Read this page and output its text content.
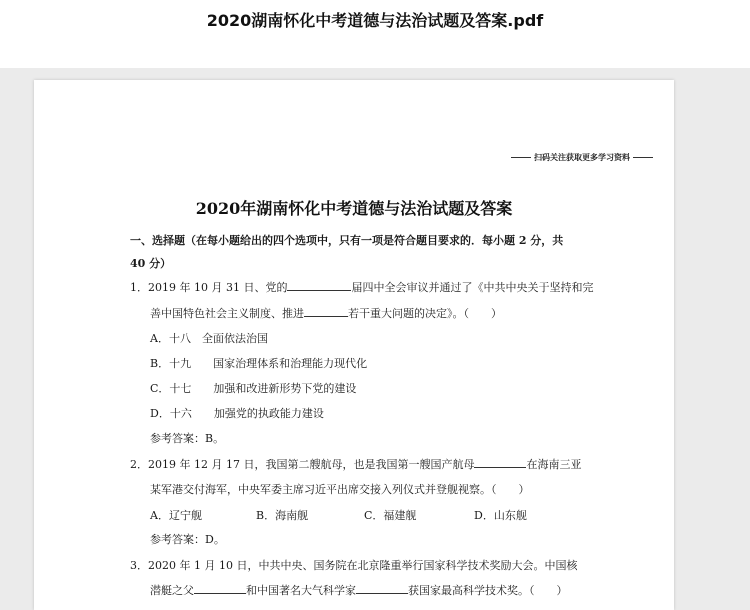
2020湖南怀化中考道德与法治试题及答案.pdf
扫码关注获取更多学习资料
2020年湖南怀化中考道德与法治试题及答案
一、选择题（在每小题给出的四个选项中，只有一项是符合题目要求的．每小题 2 分，共
40 分）
1．2019 年 10 月 31 日、党的	届四中全会审议并通过了《中共中央关于坚持和完
善中国特色社会主义制度、推进	若干重大问题的决定》。（　　）
A．十八　全面依法治国
B．十九　　国家治理体系和治理能力现代化
C．十七　　加强和改进新形势下党的建设
D．十六　　加强党的执政能力建设
参考答案：B。
2．2019 年 12 月 17 日，我国第二艘航母，也是我国第一艘国产航母	在海南三亚
某军港交付海军，中央军委主席习近平出席交接入列仪式并登舰视察。（　　）
A．辽宁舰	B．海南舰	C．福建舰	D．山东舰
参考答案：D。
3．2020 年 1 月 10 日，中共中央、国务院在北京隆重举行国家科学技术奖励大会。中国核
潜艇之父	和中国著名大气科学家	获国家最高科学技术奖。（　　）
